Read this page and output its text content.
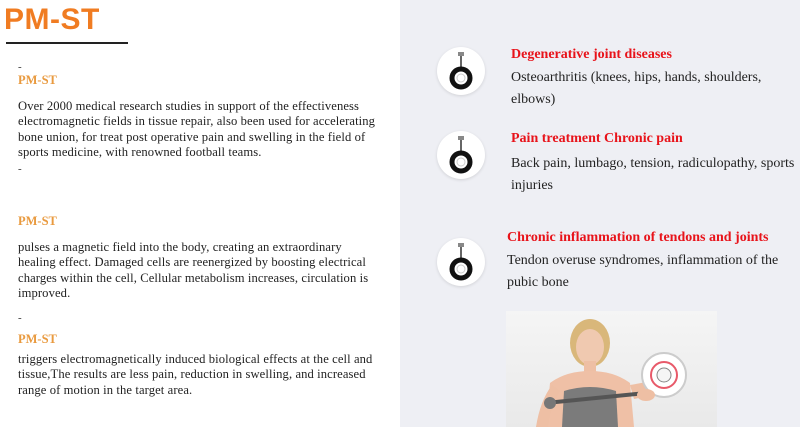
PM-ST
-
PM-ST
Over 2000 medical research studies in support of the effectiveness electromagnetic fields in tissue repair, also been used for accelerating bone union, for treat post operative pain and swelling in the field of sports medicine, with renowned football teams.
-
PM-ST
pulses a magnetic field into the body, creating an extraordinary healing effect. Damaged cells are reenergized by boosting electrical charges within the cell, Cellular metabolism increases, circulation is improved.
-
PM-ST
triggers electromagnetically induced biological effects at the cell and tissue,The results are less pain, reduction in swelling, and increased range of motion in the target area.
Degenerative joint diseases
Osteoarthritis (knees, hips, hands, shoulders, elbows)
Pain treatment Chronic pain
Back pain, lumbago, tension, radiculopathy, sports injuries
Chronic inflammation of tendons and joints
Tendon overuse syndromes, inflammation of the pubic bone
